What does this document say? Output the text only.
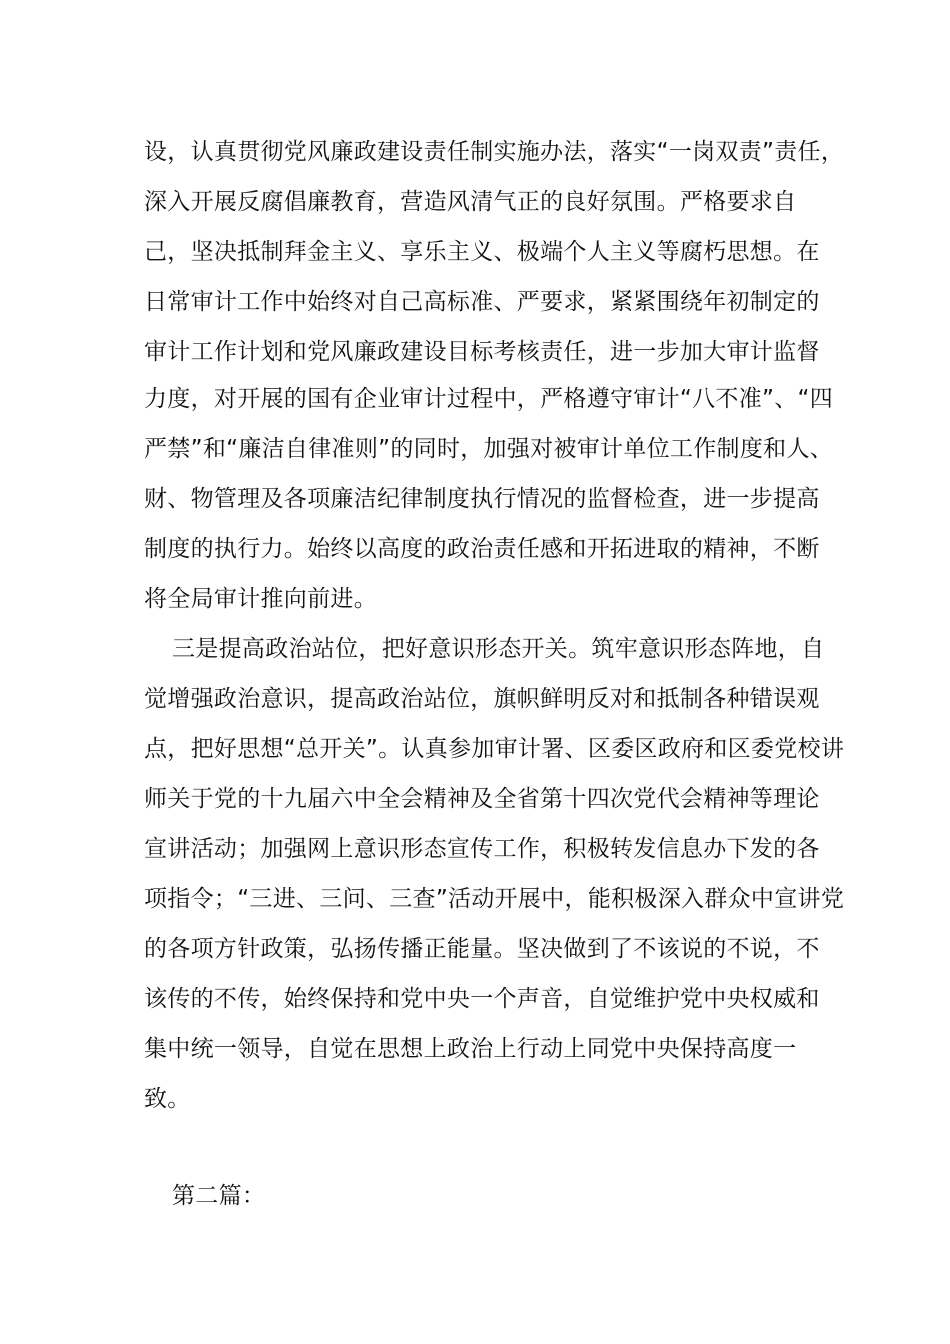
设，认真贯彻党风廉政建设责任制实施办法，落实“一岗双责”责任，
深入开展反腐倡廉教育，营造风清气正的良好氛围。严格要求自
己，坚决抵制拜金主义、享乐主义、极端个人主义等腐朽思想。在
日常审计工作中始终对自己高标准、严要求，紧紧围绕年初制定的
审计工作计划和党风廉政建设目标考核责任，进一步加大审计监督
力度，对开展的国有企业审计过程中，严格遵守审计“八不准”、“四
严禁”和“廉洁自律准则”的同时，加强对被审计单位工作制度和人、
财、物管理及各项廉洁纪律制度执行情况的监督检查，进一步提高
制度的执行力。始终以高度的政治责任感和开拓进取的精神，不断
将全局审计推向前进。
三是提高政治站位，把好意识形态开关。筑牢意识形态阵地，自
觉增强政治意识，提高政治站位，旗帜鲜明反对和抵制各种错误观
点，把好思想“总开关”。认真参加审计署、区委区政府和区委党校讲
师关于党的十九届六中全会精神及全省第十四次党代会精神等理论
宣讲活动；加强网上意识形态宣传工作，积极转发信息办下发的各
项指令；“三进、三问、三查”活动开展中，能积极深入群众中宣讲党
的各项方针政策，弘扬传播正能量。坚决做到了不该说的不说，不
该传的不传，始终保持和党中央一个声音，自觉维护党中央权威和
集中统一领导，自觉在思想上政治上行动上同党中央保持高度一
致。
第二篇：
